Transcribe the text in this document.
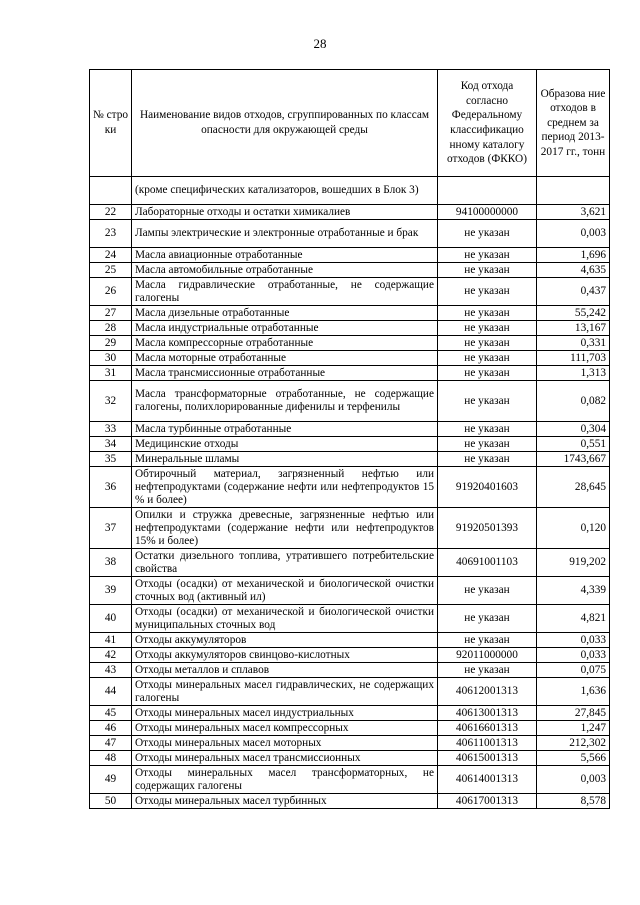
28
№ стро ки	Наименование видов отходов, сгруппированных по классам опасности для окружающей среды	Код отхода согласно Федеральному классификацио нному каталогу отходов (ФККО)	Образова ние отходов в среднем за период 2013-2017 гг., тонн
	(кроме специфических катализаторов, вошедших в Блок 3)		
22	Лабораторные отходы и остатки химикалиев	94100000000	3,621
23	Лампы электрические и электронные отработанные и брак	не указан	0,003
24	Масла авиационные отработанные	не указан	1,696
25	Масла автомобильные отработанные	не указан	4,635
26	Масла гидравлические отработанные, не содержащие галогены	не указан	0,437
27	Масла дизельные отработанные	не указан	55,242
28	Масла индустриальные отработанные	не указан	13,167
29	Масла компрессорные отработанные	не указан	0,331
30	Масла моторные отработанные	не указан	111,703
31	Масла трансмиссионные отработанные	не указан	1,313
32	Масла трансформаторные отработанные, не содержащие галогены, полихлорированные дифенилы и терфенилы	не указан	0,082
33	Масла турбинные отработанные	не указан	0,304
34	Медицинские отходы	не указан	0,551
35	Минеральные шламы	не указан	1743,667
36	Обтирочный материал, загрязненный нефтью или нефтепродуктами (содержание нефти или нефтепродуктов 15 % и более)	91920401603	28,645
37	Опилки и стружка древесные, загрязненные нефтью или нефтепродуктами (содержание нефти или нефтепродуктов 15% и более)	91920501393	0,120
38	Остатки дизельного топлива, утратившего потребительские свойства	40691001103	919,202
39	Отходы (осадки) от механической и биологической очистки сточных вод (активный ил)	не указан	4,339
40	Отходы (осадки) от механической и биологической очистки муниципальных сточных вод	не указан	4,821
41	Отходы аккумуляторов	не указан	0,033
42	Отходы аккумуляторов свинцово-кислотных	92011000000	0,033
43	Отходы металлов и сплавов	не указан	0,075
44	Отходы минеральных масел гидравлических, не содержащих галогены	40612001313	1,636
45	Отходы минеральных масел индустриальных	40613001313	27,845
46	Отходы минеральных масел компрессорных	40616601313	1,247
47	Отходы минеральных масел моторных	40611001313	212,302
48	Отходы минеральных масел трансмиссионных	40615001313	5,566
49	Отходы минеральных масел трансформаторных, не содержащих галогены	40614001313	0,003
50	Отходы минеральных масел турбинных	40617001313	8,578
